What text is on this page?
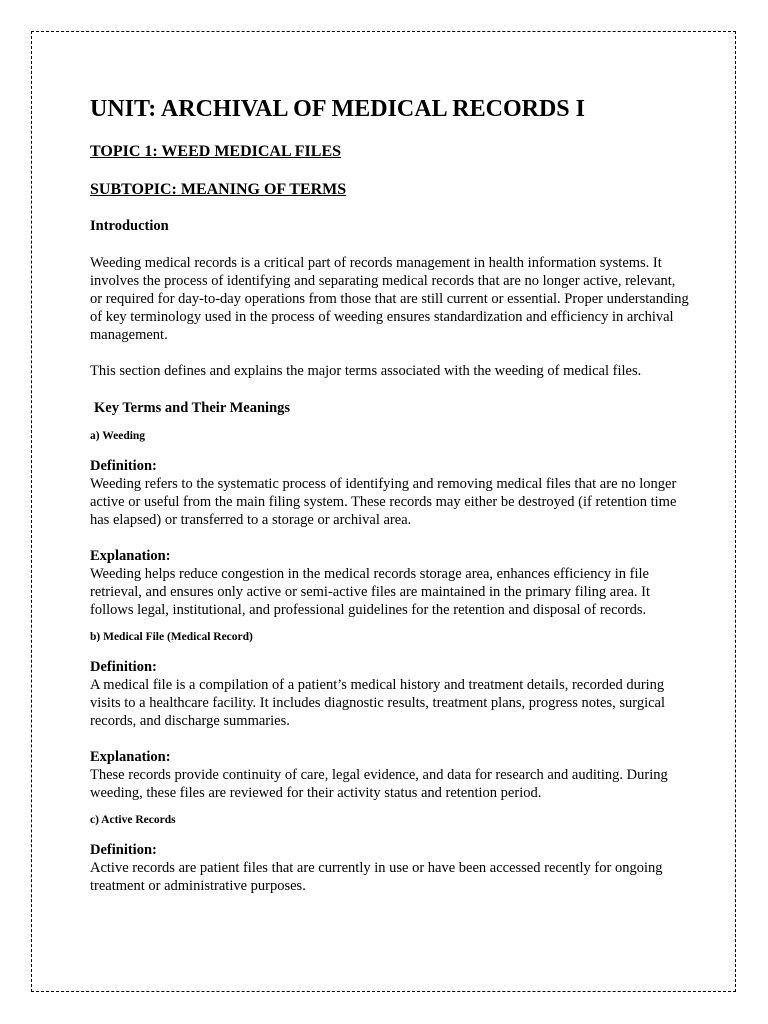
UNIT: ARCHIVAL OF MEDICAL RECORDS I
TOPIC 1: WEED MEDICAL FILES
SUBTOPIC: MEANING OF TERMS
Introduction

Weeding medical records is a critical part of records management in health information systems. It involves the process of identifying and separating medical records that are no longer active, relevant, or required for day-to-day operations from those that are still current or essential. Proper understanding of key terminology used in the process of weeding ensures standardization and efficiency in archival management.

This section defines and explains the major terms associated with the weeding of medical files.

Key Terms and Their Meanings
a) Weeding
Definition:

Weeding refers to the systematic process of identifying and removing medical files that are no longer active or useful from the main filing system. These records may either be destroyed (if retention time has elapsed) or transferred to a storage or archival area.

Explanation:

Weeding helps reduce congestion in the medical records storage area, enhances efficiency in file retrieval, and ensures only active or semi-active files are maintained in the primary filing area. It follows legal, institutional, and professional guidelines for the retention and disposal of records.

b) Medical File (Medical Record)
Definition:

A medical file is a compilation of a patient’s medical history and treatment details, recorded during visits to a healthcare facility. It includes diagnostic results, treatment plans, progress notes, surgical records, and discharge summaries.

Explanation:

These records provide continuity of care, legal evidence, and data for research and auditing. During weeding, these files are reviewed for their activity status and retention period.

c) Active Records
Definition:

Active records are patient files that are currently in use or have been accessed recently for ongoing treatment or administrative purposes.
